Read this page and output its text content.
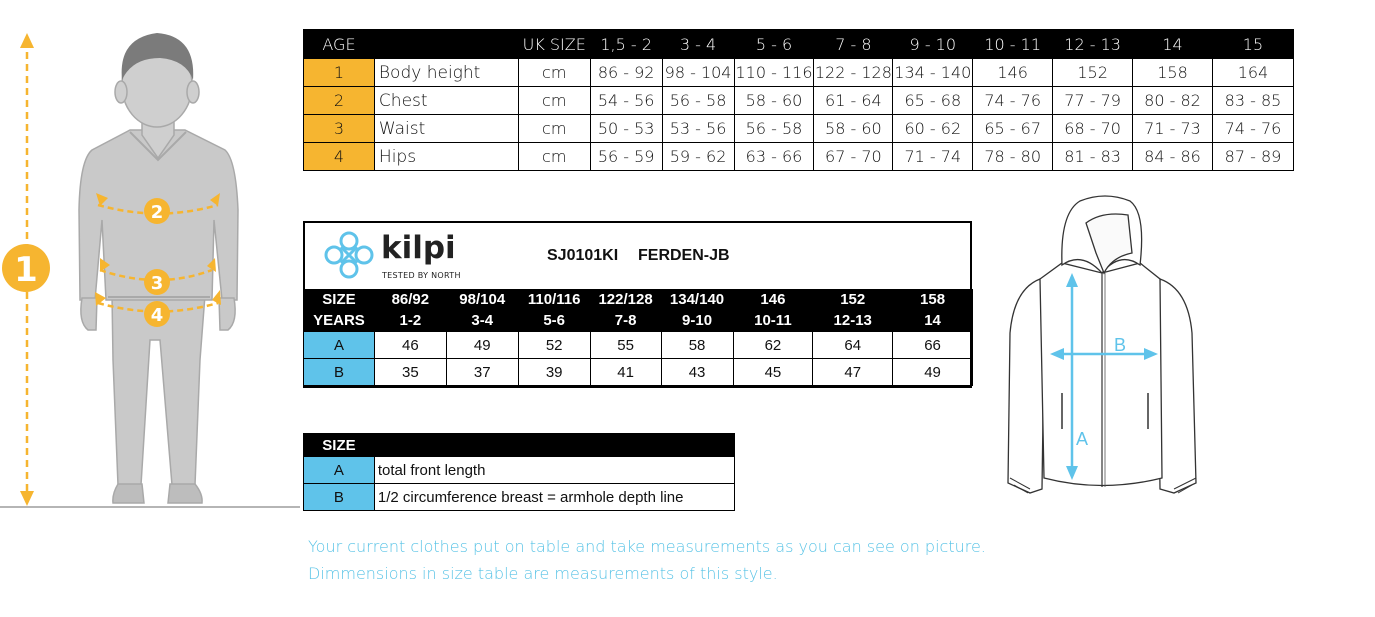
1
2
3
4
AGE		UK SIZE	1,5 - 2	3 - 4	5 - 6	7 - 8	9 - 10	10 - 11	12 - 13	14	15
1	Body height	cm	86 - 92	98 - 104	110 - 116	122 - 128	134 - 140	146	152	158	164
2	Chest	cm	54 - 56	56 - 58	58 - 60	61 - 64	65 - 68	74 - 76	77 - 79	80 - 82	83 - 85
3	Waist	cm	50 - 53	53 - 56	56 - 58	58 - 60	60 - 62	65 - 67	68 - 70	71 - 73	74 - 76
4	Hips	cm	56 - 59	59 - 62	63 - 66	67 - 70	71 - 74	78 - 80	81 - 83	84 - 86	87 - 89
kilpi
TESTED BY NORTH
SJ0101KI FERDEN-JB
SIZE	86/92	98/104	110/116	122/128	134/140	146	152	158
YEARS	1-2	3-4	5-6	7-8	9-10	10-11	12-13	14
A	46	49	52	55	58	62	64	66
B	35	37	39	41	43	45	47	49
SIZE	
A	total front length
B	1/2 circumference breast = armhole depth line
B
A
Your current clothes put on table and take measurements as you can see on picture.
Dimmensions in size table are measurements of this style.
